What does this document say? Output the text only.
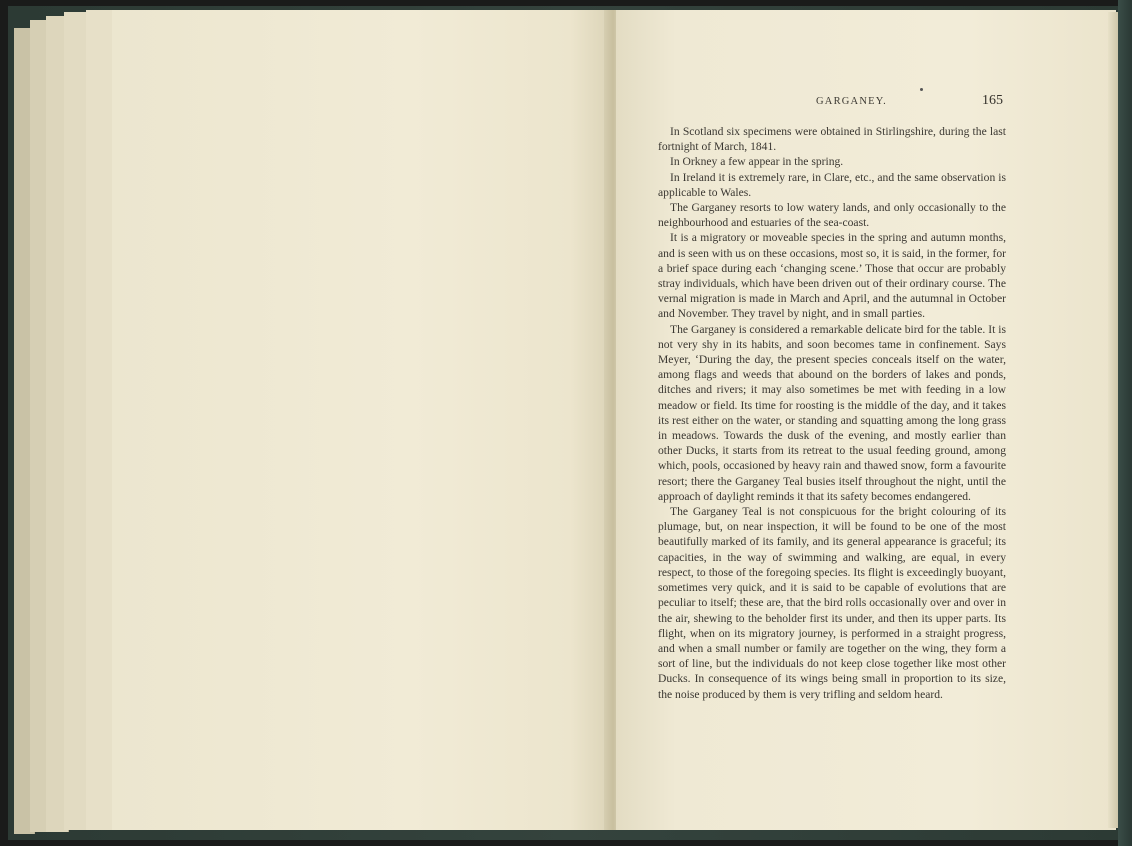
GARGANEY.	165

In Scotland six specimens were obtained in Stirlingshire, during the last fortnight of March, 1841.

In Orkney a few appear in the spring.

In Ireland it is extremely rare, in Clare, etc., and the same observation is applicable to Wales.

The Garganey resorts to low watery lands, and only occasionally to the neighbourhood and estuaries of the sea-coast.

It is a migratory or moveable species in the spring and autumn months, and is seen with us on these occasions, most so, it is said, in the former, for a brief space during each ‘changing scene.’ Those that occur are probably stray individuals, which have been driven out of their ordinary course. The vernal migration is made in March and April, and the autumnal in October and November. They travel by night, and in small parties.

The Garganey is considered a remarkable delicate bird for the table. It is not very shy in its habits, and soon becomes tame in confinement. Says Meyer, ‘During the day, the present species conceals itself on the water, among flags and weeds that abound on the borders of lakes and ponds, ditches and rivers; it may also sometimes be met with feeding in a low meadow or field. Its time for roosting is the middle of the day, and it takes its rest either on the water, or standing and squatting among the long grass in meadows. Towards the dusk of the evening, and mostly earlier than other Ducks, it starts from its retreat to the usual feeding ground, among which, pools, occasioned by heavy rain and thawed snow, form a favourite resort; there the Garganey Teal busies itself throughout the night, until the approach of daylight reminds it that its safety becomes endangered.

The Garganey Teal is not conspicuous for the bright colouring of its plumage, but, on near inspection, it will be found to be one of the most beautifully marked of its family, and its general appearance is graceful; its capacities, in the way of swimming and walking, are equal, in every respect, to those of the foregoing species. Its flight is exceedingly buoyant, sometimes very quick, and it is said to be capable of evolutions that are peculiar to itself; these are, that the bird rolls occasionally over and over in the air, shewing to the beholder first its under, and then its upper parts. Its flight, when on its migratory journey, is performed in a straight progress, and when a small number or family are together on the wing, they form a sort of line, but the individuals do not keep close together like most other Ducks. In consequence of its wings being small in proportion to its size, the noise produced by them is very trifling and seldom heard.
